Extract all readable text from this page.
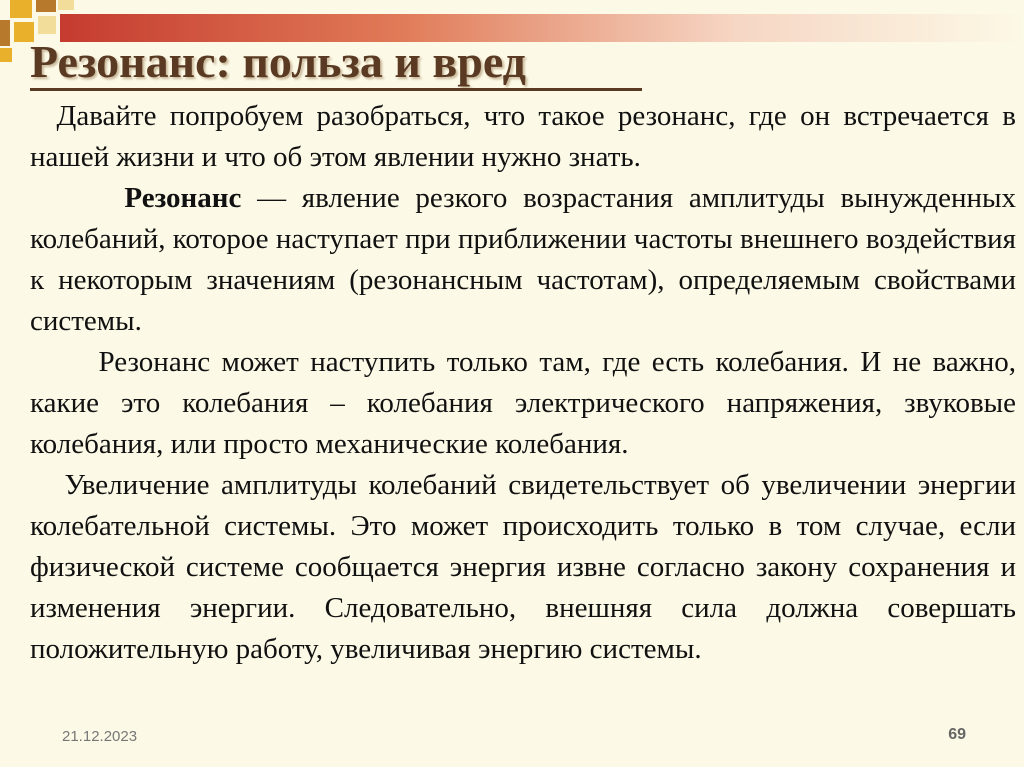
Резонанс: польза и вред

Давайте попробуем разобраться, что такое резонанс, где он встречается в нашей жизни и что об этом явлении нужно знать.

Резонанс — явление резкого возрастания амплитуды вынужденных колебаний, которое наступает при приближении частоты внешнего воздействия к некоторым значениям (резонансным частотам), определяемым свойствами системы.

Резонанс может наступить только там, где есть колебания. И не важно, какие это колебания – колебания электрического напряжения, звуковые колебания, или просто механические колебания.

Увеличение амплитуды колебаний свидетельствует об увеличении энергии колебательной системы. Это может происходить только в том случае, если физической системе сообщается энергия извне согласно закону сохранения и изменения энергии. Следовательно, внешняя сила должна совершать положительную работу, увеличивая энергию системы.

21.12.2023	69
